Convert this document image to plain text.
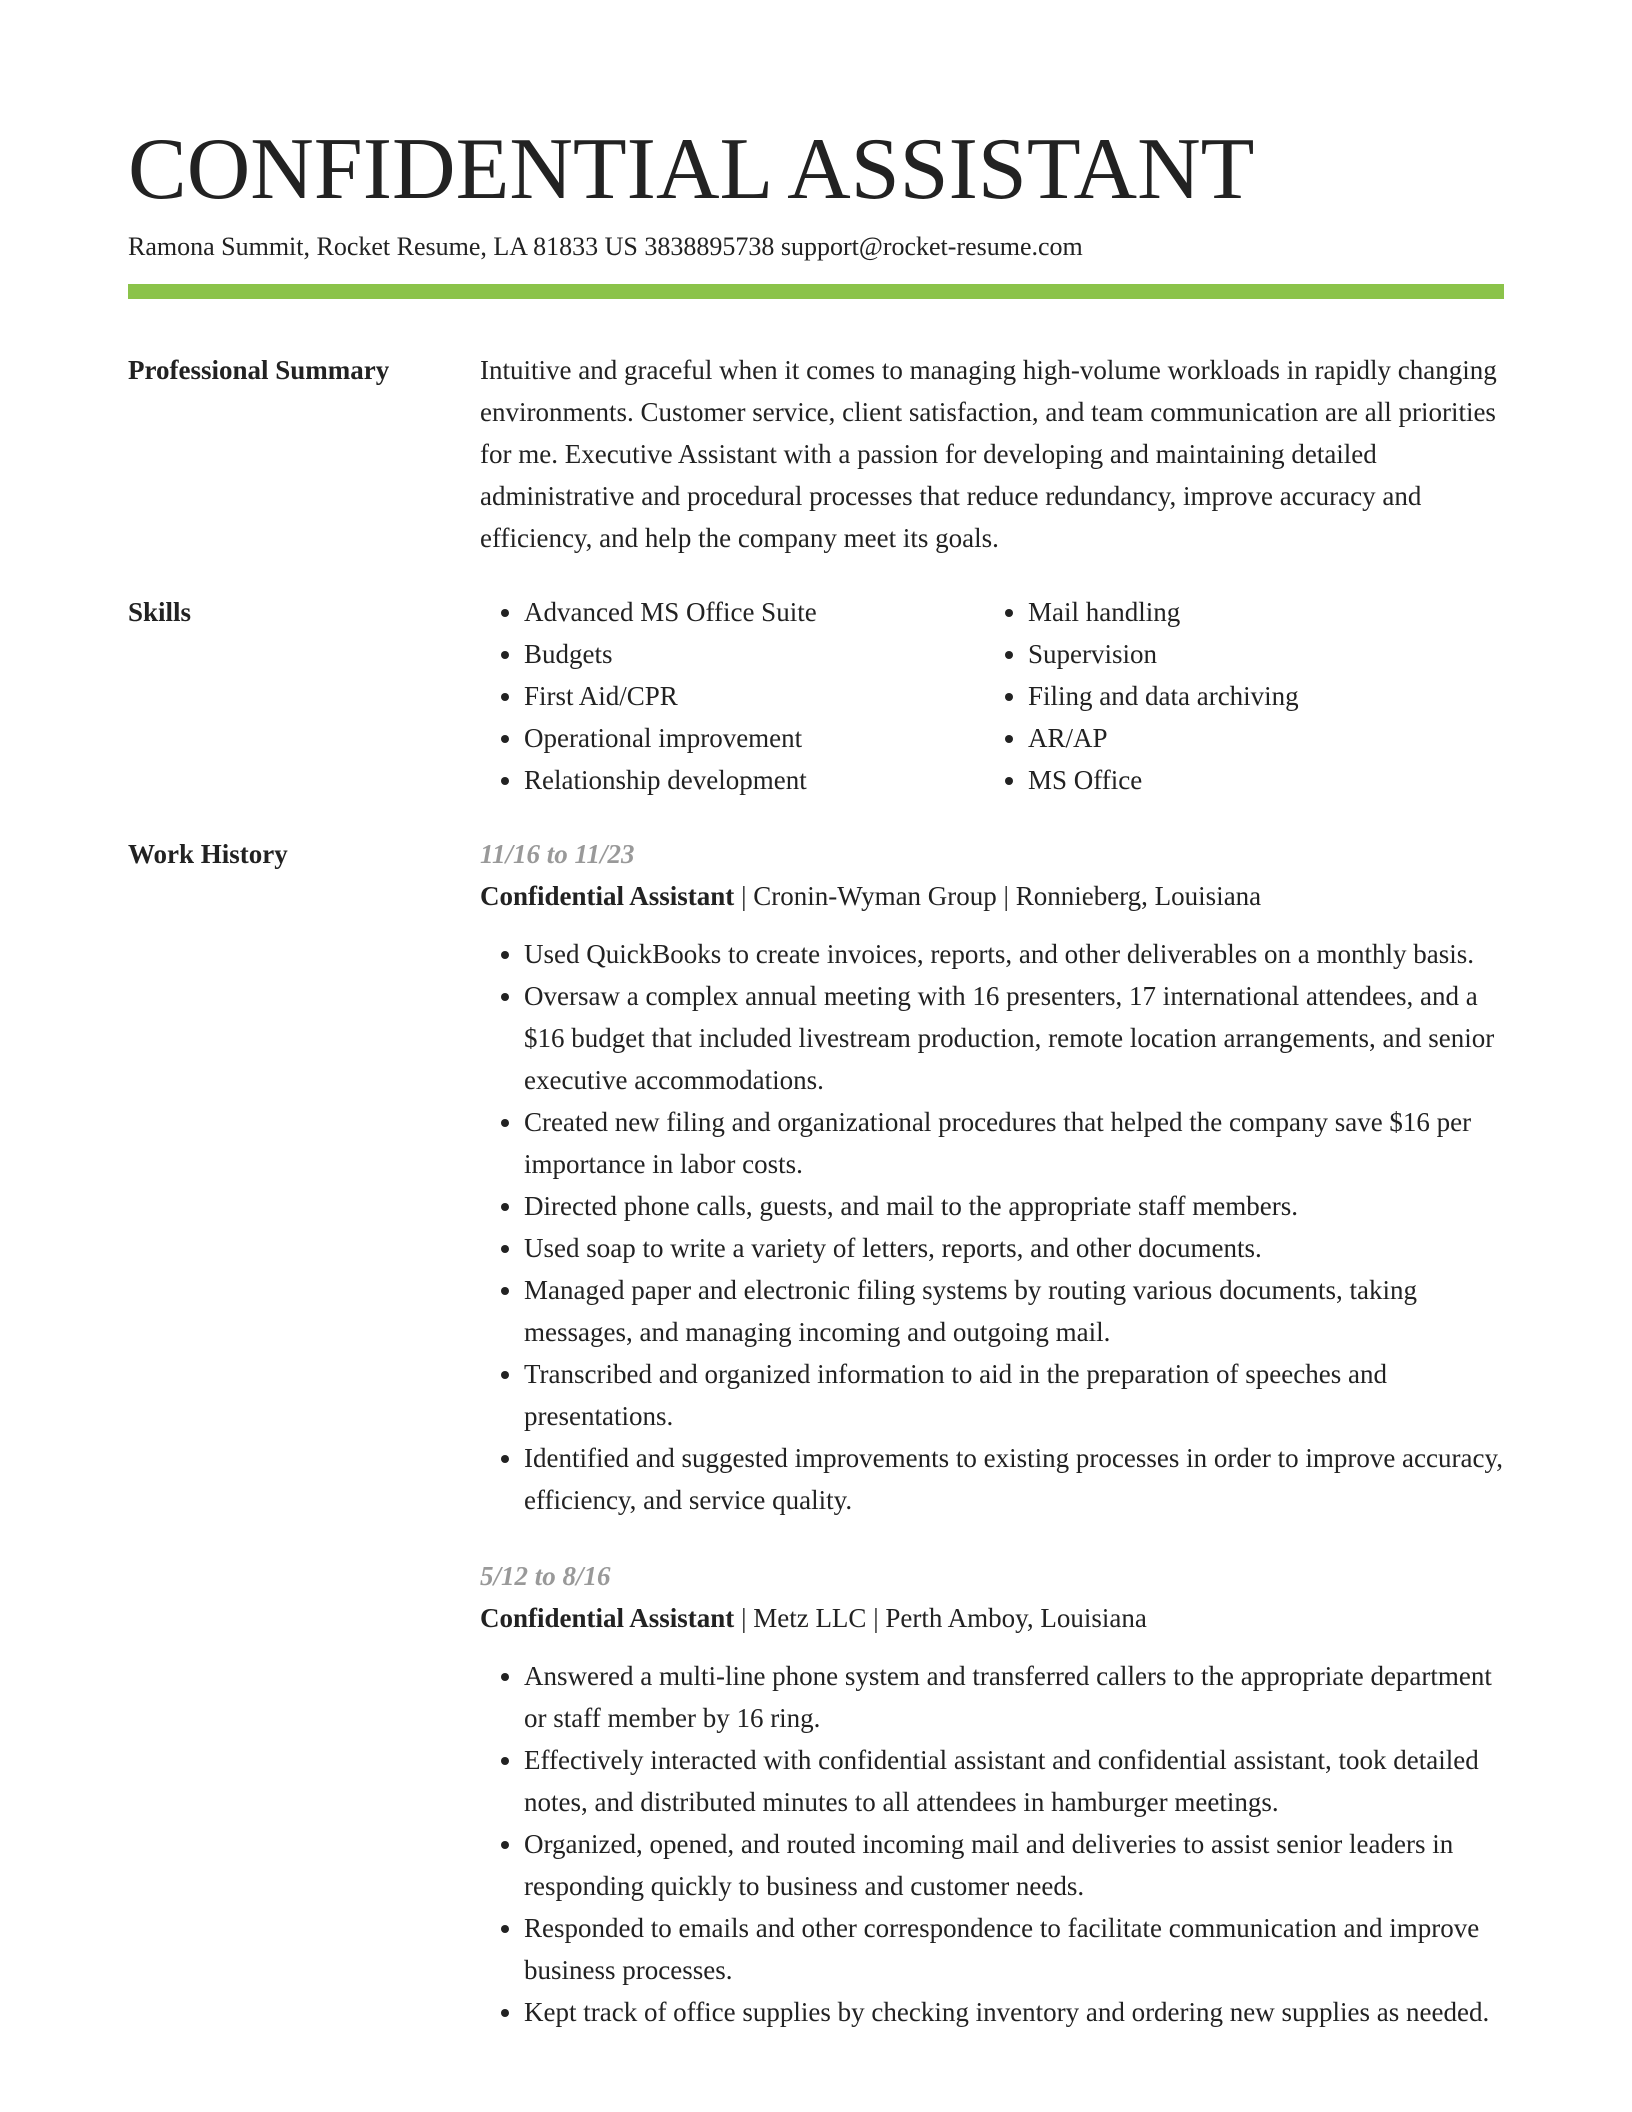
CONFIDENTIAL ASSISTANT
Ramona Summit, Rocket Resume, LA 81833 US 3838895738 support@rocket-resume.com
Professional Summary	Intuitive and graceful when it comes to managing high-volume workloads in rapidly changing environments. Customer service, client satisfaction, and team communication are all priorities for me. Executive Assistant with a passion for developing and maintaining detailed administrative and procedural processes that reduce redundancy, improve accuracy and efficiency, and help the company meet its goals.

Skills
•	Advanced MS Office Suite
• Budgets
• First Aid/CPR
• Operational improvement
• Relationship development
• Mail handling
• Supervision
• Filing and data archiving
• AR/AP
• MS Office
Work History	11/16 to 11/23
Confidential Assistant | Cronin-Wyman Group | Ronnieberg, Louisiana
• Used QuickBooks to create invoices, reports, and other deliverables on a monthly basis.
• Oversaw a complex annual meeting with 16 presenters, 17 international attendees, and a $16 budget that included livestream production, remote location arrangements, and senior executive accommodations.
• Created new filing and organizational procedures that helped the company save $16 per importance in labor costs.
• Directed phone calls, guests, and mail to the appropriate staff members.
• Used soap to write a variety of letters, reports, and other documents.
• Managed paper and electronic filing systems by routing various documents, taking messages, and managing incoming and outgoing mail.
• Transcribed and organized information to aid in the preparation of speeches and presentations.
• Identified and suggested improvements to existing processes in order to improve accuracy, efficiency, and service quality.
5/12 to 8/16
Confidential Assistant | Metz LLC | Perth Amboy, Louisiana
• Answered a multi-line phone system and transferred callers to the appropriate department or staff member by 16 ring.
• Effectively interacted with confidential assistant and confidential assistant, took detailed notes, and distributed minutes to all attendees in hamburger meetings.
• Organized, opened, and routed incoming mail and deliveries to assist senior leaders in responding quickly to business and customer needs.
• Responded to emails and other correspondence to facilitate communication and improve business processes.
• Kept track of office supplies by checking inventory and ordering new supplies as needed.
